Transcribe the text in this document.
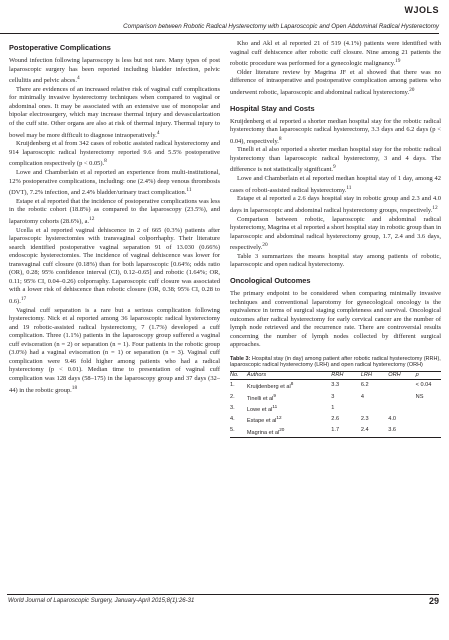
WJOLS
Comparison between Robotic Radical Hysterectomy with Laparoscopic and Open Abdominal Radical Hysterectomy
Postoperative Complications

Wound infection following laparoscopy is less but not rare. Many types of post laparoscopic surgery has been reported including bladder infection, pelvic cellulitis and pelvic abces.$^4$

There are evidences of an increased relative risk of vaginal cuff complications for minimally invasive hysterectomy techniques when compared to vaginal or abdominal ones. It may be associated with an extensive use of monopolar and bipolar electrosurgery, which may increase thermal injury and devascularization of the cuff site. Other organs are also at risk of thermal injury. Thermal injury to bowel may be more difficult to diagnose intraoperatively.$^4$

Kruijdenberg et al from 342 cases of robotic assisted radical hysterectomy and 914 laparoscopic radical hysterectomy reported 9.6 and 5.5% postoperative complication respectively (p < 0.05).$^8$

Lowe and Chamberlain et al reported an experience from multi-institutional, 12% postoperative complications, including: one (2.4%) deep venous thrombosis (DVT), 7.2% infection, and 2.4% bladder/urinary tract complication.$^{11}$

Estape et al reported that the incidence of postoperative complications was less in the robotic cohort (18.8%) as compared to the laparoscopy (23.5%), and laparotomy cohorts (28.6%), a.$^{12}$

Ucella et al reported vaginal dehiscence in 2 of 665 (0.3%) patients after laparoscopic hysterectomies with transvaginal colporrhaphy. Their literature search identified postoperative vaginal separation 91 of 13.030 (0.66%) endoscopic hysterectomies. The incidence of vaginal dehiscence was lower for transvaginal cuff closure (0.18%) than for both laparoscopic [0.64%; odds ratio (OR), 0.28; 95% confidence interval (CI), 0.12–0.65] and robotic (1.64%; OR, 0.11; 95% CI, 0.04–0.26) colporraphy. Laparoscopic cuff closure was associated with a lower risk of dehiscence than robotic closure (OR, 0.38; 95% CI, 0.28 to 0.6).$^{17}$

Vaginal cuff separation is a rare but a serious complication following hysterectomy. Nick et al reported among 36 laparoscopic radical hysterectomy and 19 robotic-assisted radical hysterectomy, 7 (1.7%) developed a cuff complication. Three (1.1%) patients in the laparoscopy group suffered a vaginal cuff evisceration (n = 2) or separation (n = 1). Four patients in the robotic group (3.0%) had a vaginal evisceration (n = 1) or separation (n = 3). Vaginal cuff complication were 9.46 fold higher among patients who had a radical hysterectomy (p < 0.01). Median time to presentation of vaginal cuff complication was 128 days (58–175) in the laparoscopy group and 37 days (32–44) in the robotic group.$^{18}$

Kho and Akl et al reported 21 of 519 (4.1%) patients were identified with vaginal cuff dehiscence after robotic cuff closure. Nine among 21 patients the robotic procedure was performed for a gynecologic malignancy.$^{19}$

Older literature review by Magrina JF et al showed that there was no difference of intraoperative and postoperative complication among patiens who underwent robotic, laparoscopic and abdominal radical hysterectomy.$^{20}$

Hospital Stay and Costs

Kruijdenberg et al reported a shorter median hospital stay for the robotic radical hysterectomy than laparoscopic radical hysterectomy, 3.3 days and 6.2 days (p < 0.04), respectively.$^8$

Tinelli et al also reported a shorter median hospital stay for the robotic radical hysterectomy than laparoscopic radical hysterectomy, 3 and 4 days. The difference is not statistically significant.$^9$

Lowe and Chamberlain et al reported median hospital stay of 1 day, among 42 cases of roboti-assisted radical hysterectomy.$^{11}$

Estape et al reported a 2.6 days hospital stay in robotic group and 2.3 and 4.0 days in laparoscopic and abdominal radical hysterectomy groups, respectively.$^{12}$

Comparison between robotic, laparoscopic and abdominal radical hysterectomy, Magrina et al reported a short hospital stay in robotic group than in laparoscopic and abdominal radical hysterectomy group, 1.7, 2.4 and 3.6 days, respectively.$^{20}$

Table 3 summarizes the means hospital stay among patients of robotic, laparoscopic and open radical hysterectomy.

Oncological Outcomes

The primary endpoint to be considered when comparing minimally invasive techniques and conventional laparotomy for gynecological oncology is the equivalence in terms of surgical staging completeness and survival. Oncological outcomes after radical hysterectomy for early cervical cancer are the number of lymph node retrieved and the recurrence rate. There are controversial results concerning the number of lymph nodes collected by different surgical approaches.

Table 3: Hospital stay (in day) among patient after robotic radical hysterectomy (RRH), laparoscopic radical hysterectomy (LRH) and open radical hysterectomy (ORH)
No.	Authors	RRH	LRH	ORH	p
1.	Kruijdenberg et $al^8$	3.3	6.2		< 0.04
2.	Tinelli et $al^9$	3	4		NS
3.	Lowe et $al^{11}$	1			
4.	Estape et $al^{12}$	2.6	2.3	4.0	
5.	Magrina et $al^{20}$	1.7	2.4	3.6	
World Journal of Laparoscopic Surgery, January-April 2015;8(1):26-31	29
